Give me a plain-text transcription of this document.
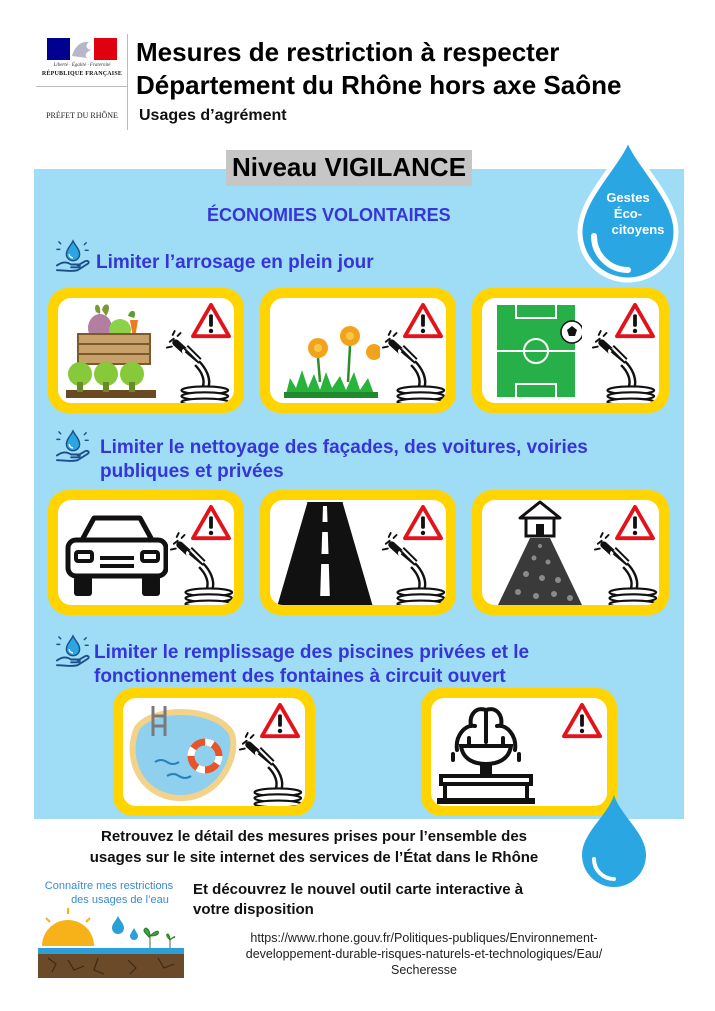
Liberté · Égalité · Fraternité
RÉPUBLIQUE FRANÇAISE
PRÉFET DU RHÔNE
Mesures de restriction à respecter
Département du Rhône hors axe Saône
Usages d’agrément
Gestes
Éco-
citoyens
Niveau VIGILANCE
ÉCONOMIES VOLONTAIRES
Limiter l’arrosage en plein jour
Limiter le nettoyage des façades, des voitures, voiries
publiques et privées
Limiter le remplissage des piscines privées et le
fonctionnement des fontaines à circuit ouvert
Retrouvez le détail des mesures prises pour l’ensemble des
usages sur le site internet des services de l’État dans le Rhône
Connaître mes restrictions
des usages de l’eau
Et découvrez le nouvel outil carte interactive à
votre disposition
https://www.rhone.gouv.fr/Politiques-publiques/Environnement-
developpement-durable-risques-naturels-et-technologiques/Eau/
Secheresse
